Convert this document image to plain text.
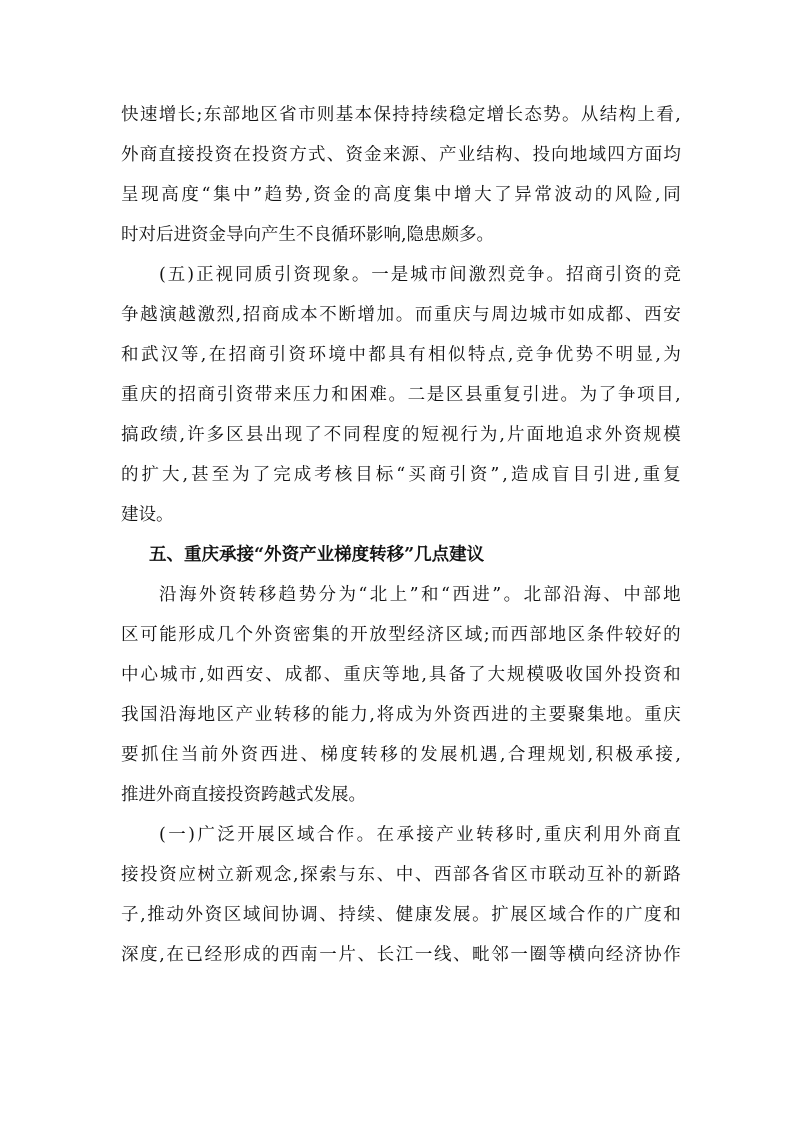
快 速 增 长 ; 东 部 地 区 省 市 则 基 本 保 持 持 续 稳 定 增 长 态 势 。 从 结 构 上 看 ,
外 商 直 接 投 资 在 投 资 方 式 、 资 金 来 源 、 产 业 结 构 、 投 向 地 域 四 方 面 均
呈 现 高 度 “ 集 中 ” 趋 势 , 资 金 的 高 度 集 中 增 大 了 异 常 波 动 的 风 险 , 同
时对后进资金导向产生不良循环影响,隐患颇多。
( 五 ) 正 视 同 质 引 资 现 象 。 一 是 城 市 间 激 烈 竞 争 。 招 商 引 资 的 竞
争 越 演 越 激 烈 , 招 商 成 本 不 断 增 加 。 而 重 庆 与 周 边 城 市 如 成 都 、 西 安
和 武 汉 等 , 在 招 商 引 资 环 境 中 都 具 有 相 似 特 点 , 竞 争 优 势 不 明 显 , 为
重 庆 的 招 商 引 资 带 来 压 力 和 困 难 。 二 是 区 县 重 复 引 进 。 为 了 争 项 目 ,
搞 政 绩 , 许 多 区 县 出 现 了 不 同 程 度 的 短 视 行 为 , 片 面 地 追 求 外 资 规 模
的 扩 大 , 甚 至 为 了 完 成 考 核 目 标 “ 买 商 引 资 ” , 造 成 盲 目 引 进 , 重 复
建设。
五、重庆承接“外资产业梯度转移”几点建议
沿 海 外 资 转 移 趋 势 分 为 “ 北 上 ” 和 “ 西 进 ” 。 北 部 沿 海 、 中 部 地
区 可 能 形 成 几 个 外 资 密 集 的 开 放 型 经 济 区 域 ; 而 西 部 地 区 条 件 较 好 的
中 心 城 市 , 如 西 安 、 成 都 、 重 庆 等 地 , 具 备 了 大 规 模 吸 收 国 外 投 资 和
我 国 沿 海 地 区 产 业 转 移 的 能 力 , 将 成 为 外 资 西 进 的 主 要 聚 集 地 。 重 庆
要 抓 住 当 前 外 资 西 进 、 梯 度 转 移 的 发 展 机 遇 , 合 理 规 划 , 积 极 承 接 ,
推进外商直接投资跨越式发展。
( 一 ) 广 泛 开 展 区 域 合 作 。 在 承 接 产 业 转 移 时 , 重 庆 利 用 外 商 直
接 投 资 应 树 立 新 观 念 , 探 索 与 东 、 中 、 西 部 各 省 区 市 联 动 互 补 的 新 路
子 , 推 动 外 资 区 域 间 协 调 、 持 续 、 健 康 发 展 。 扩 展 区 域 合 作 的 广 度 和
深 度 , 在 已 经 形 成 的 西 南 一 片 、 长 江 一 线 、 毗 邻 一 圈 等 横 向 经 济 协 作
